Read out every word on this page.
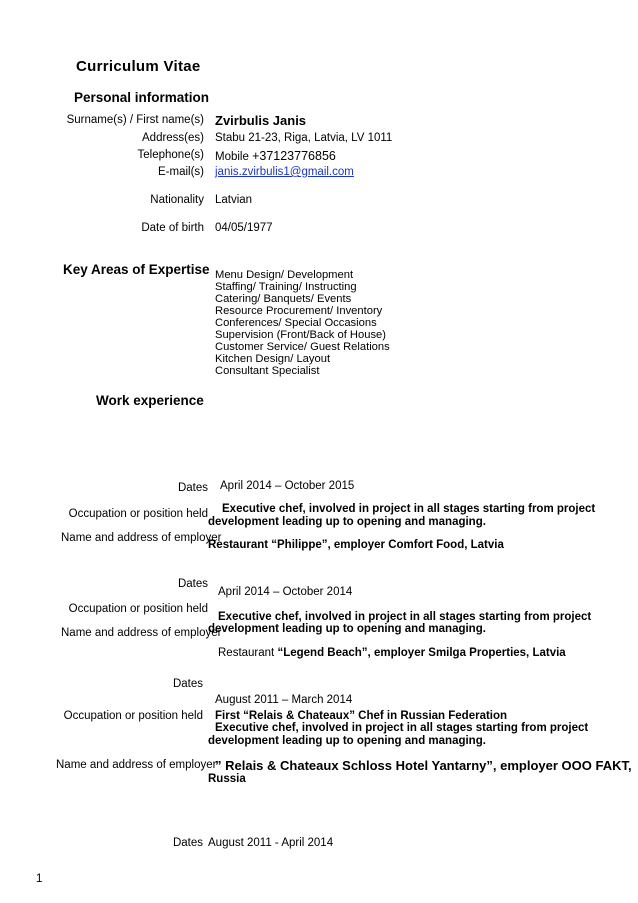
Curriculum Vitae
Personal information
Surname(s) / First name(s) Zvirbulis Janis
Address(es) Stabu 21-23, Riga, Latvia, LV 1011
Telephone(s) Mobile +37123776856
E-mail(s) janis.zvirbulis1@gmail.com
Nationality Latvian
Date of birth 04/05/1977
Key Areas of Expertise Menu Design/ Development
Staffing/ Training/ Instructing
Catering/ Banquets/ Events
Resource Procurement/ Inventory
Conferences/ Special Occasions
Supervision (Front/Back of House)
Customer Service/ Guest Relations
Kitchen Design/ Layout
Consultant Specialist
Work experience
Dates April 2014 – October 2015
Occupation or position held Executive chef, involved in project in all stages starting from project
development leading up to opening and managing.
Name and address of employer
Restaurant “Philippe”, employer Comfort Food, Latvia
Dates
April 2014 – October 2014
Occupation or position held
Executive chef, involved in project in all stages starting from project
development leading up to opening and managing.
Name and address of employer
Restaurant “Legend Beach”, employer Smilga Properties, Latvia
Dates
August 2011 – March 2014
Occupation or position held First “Relais & Chateaux” Chef in Russian Federation
Executive chef, involved in project in all stages starting from project
development leading up to opening and managing.
Name and address of employer
” Relais & Chateaux Schloss Hotel Yantarny”, employer OOO FAKT,
Russia
Dates August 2011 - April 2014
1
